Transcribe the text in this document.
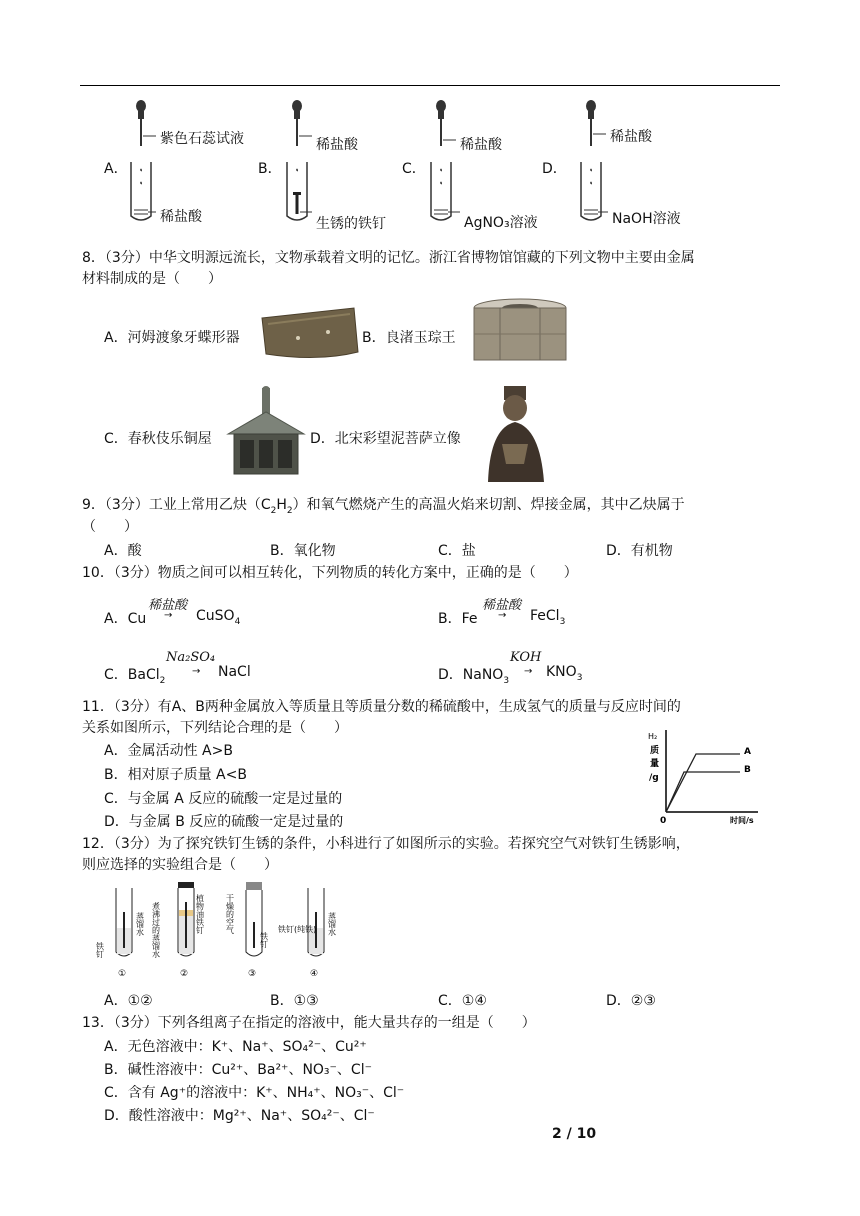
A．
紫色石蕊试液
稀盐酸
B．
稀盐酸
生锈的铁钉
C．
稀盐酸
AgNO₃溶液
D．
稀盐酸
NaOH溶液
8．（3分）中华文明源远流长，文物承载着文明的记忆。浙江省博物馆馆藏的下列文物中主要由金属
材料制成的是（　　）
A．河姆渡象牙蝶形器	B．良渚玉琮王
C．春秋伎乐铜屋	D．北宋彩望泥菩萨立像
9．（3分）工业上常用乙炔$(C_2H_2)$和氧气燃烧产生的高温火焰来切割、焊接金属，其中乙炔属于
（　　）
A．酸	B．氧化物	C．盐	D．有机物
10．（3分）物质之间可以相互转化，下列物质的转化方案中，正确的是（　　）
A．Cu
稀盐酸
→ CuSO$_4$	B．Fe
稀盐酸
→ FeCl$_3$
C．BaCl$_2$
Na₂SO₄
→ NaCl	D．NaNO$_3$
KOH
→ $KNO_3$
11．（3分）有A、B两种金属放入等质量且等质量分数的稀硫酸中，生成氢气的质量与反应时间的
关系如图所示，下列结论合理的是（　　）
A．金属活动性 A>B
B．相对原子质量 A<B
C．与金属 A 反应的硫酸一定是过量的
D．与金属 B 反应的硫酸一定是过量的
H₂
质
量
/g
A
B
0	时间/s
12．（3分）为了探究铁钉生锈的条件，小科进行了如图所示的实验。若探究空气对铁钉生锈影响，
则应选择的实验组合是（　　）
铁钉
蒸馏水
①
煮沸过的蒸馏水	植物油铁钉
②
干燥的空气
铁钉
③
铁钉(纯铁) 蒸馏水
④
A．①②	B．①③	C．①④	D．②③
13．（3分）下列各组离子在指定的溶液中，能大量共存的一组是（　　）
A．无色溶液中：K⁺、Na⁺、SO₄²⁻、Cu²⁺
B．碱性溶液中：Cu²⁺、Ba²⁺、NO₃⁻、Cl⁻
C．含有 Ag⁺的溶液中：K⁺、NH₄⁺、NO₃⁻、Cl⁻
D．酸性溶液中：Mg²⁺、Na⁺、SO₄²⁻、Cl⁻
2 / 10
